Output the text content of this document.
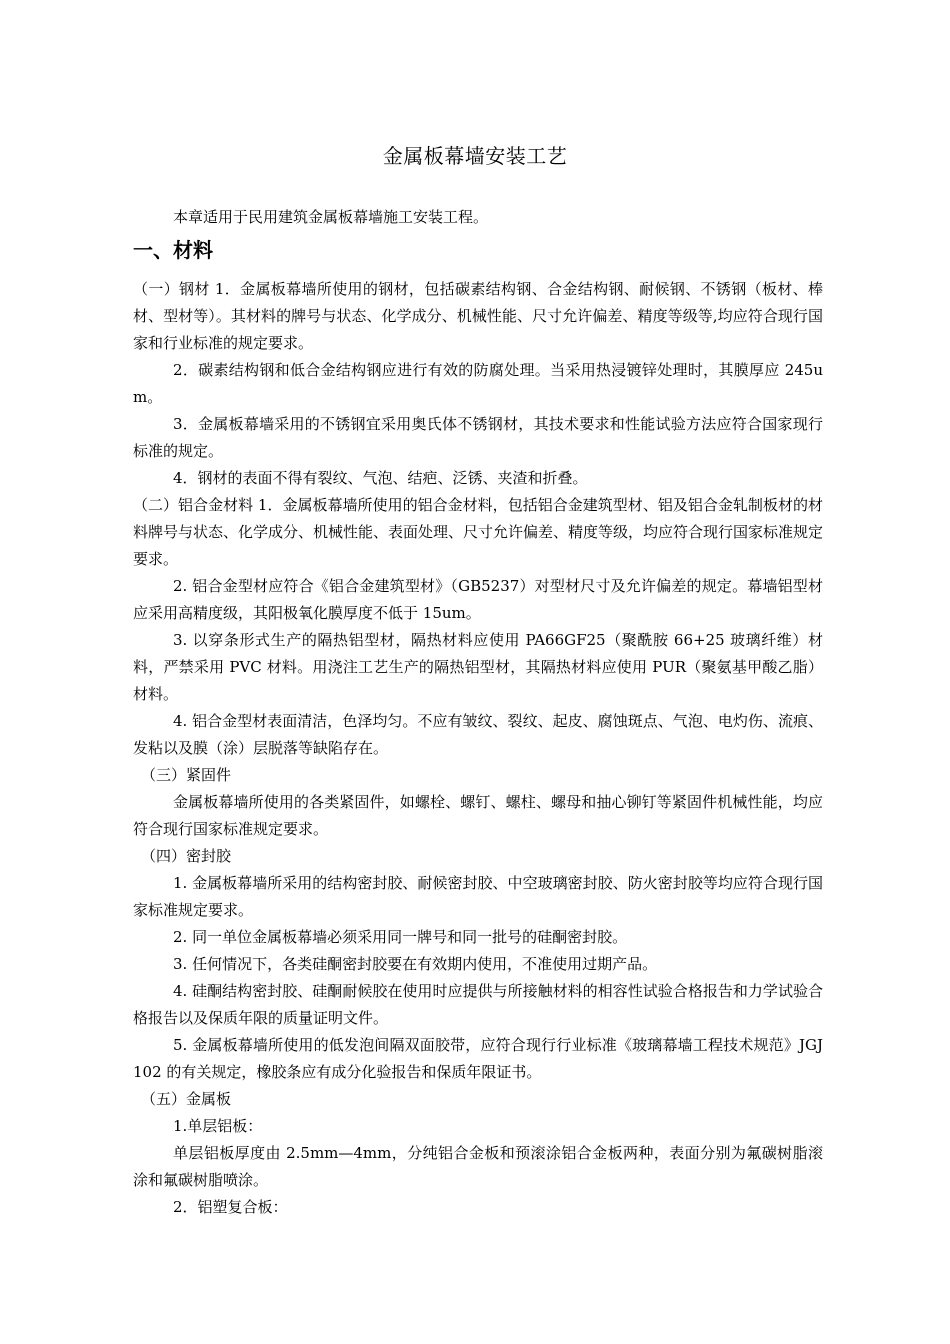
金属板幕墙安装工艺

本章适用于民用建筑金属板幕墙施工安装工程。

一、材料

（一）钢材 1．金属板幕墙所使用的钢材，包括碳素结构钢、合金结构钢、耐候钢、不锈钢（板材、棒材、型材等）。其材料的牌号与状态、化学成分、机械性能、尺寸允许偏差、精度等级等,均应符合现行国家和行业标准的规定要求。

2．碳素结构钢和低合金结构钢应进行有效的防腐处理。当采用热浸镀锌处理时，其膜厚应 245um。

3．金属板幕墙采用的不锈钢宜采用奥氏体不锈钢材，其技术要求和性能试验方法应符合国家现行标准的规定。

4．钢材的表面不得有裂纹、气泡、结疤、泛锈、夹渣和折叠。

（二）铝合金材料 1．金属板幕墙所使用的铝合金材料，包括铝合金建筑型材、铝及铝合金轧制板材的材料牌号与状态、化学成分、机械性能、表面处理、尺寸允许偏差、精度等级，均应符合现行国家标准规定要求。

2. 铝合金型材应符合《铝合金建筑型材》（GB5237）对型材尺寸及允许偏差的规定。幕墙铝型材应采用高精度级，其阳极氧化膜厚度不低于 15um。

3. 以穿条形式生产的隔热铝型材，隔热材料应使用 PA66GF25（聚酰胺 66+25 玻璃纤维）材料，严禁采用 PVC 材料。用浇注工艺生产的隔热铝型材，其隔热材料应使用 PUR（聚氨基甲酸乙脂）材料。

4. 铝合金型材表面清洁，色泽均匀。不应有皱纹、裂纹、起皮、腐蚀斑点、气泡、电灼伤、流痕、发粘以及膜（涂）层脱落等缺陷存在。

（三）紧固件

金属板幕墙所使用的各类紧固件，如螺栓、螺钉、螺柱、螺母和抽心铆钉等紧固件机械性能，均应符合现行国家标准规定要求。

（四）密封胶

1. 金属板幕墙所采用的结构密封胶、耐候密封胶、中空玻璃密封胶、防火密封胶等均应符合现行国家标准规定要求。

2. 同一单位金属板幕墙必须采用同一牌号和同一批号的硅酮密封胶。

3. 任何情况下，各类硅酮密封胶要在有效期内使用，不准使用过期产品。

4. 硅酮结构密封胶、硅酮耐候胶在使用时应提供与所接触材料的相容性试验合格报告和力学试验合格报告以及保质年限的质量证明文件。

5. 金属板幕墙所使用的低发泡间隔双面胶带，应符合现行行业标准《玻璃幕墙工程技术规范》JGJ102 的有关规定，橡胶条应有成分化验报告和保质年限证书。

（五）金属板

1.单层铝板：

单层铝板厚度由 2.5mm—4mm，分纯铝合金板和预滚涂铝合金板两种，表面分别为氟碳树脂滚涂和氟碳树脂喷涂。

2．铝塑复合板：
